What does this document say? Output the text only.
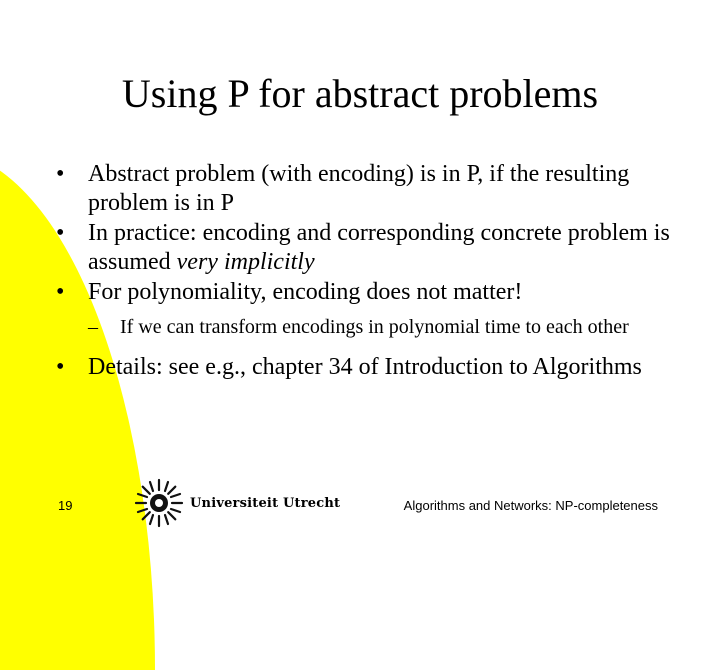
Using P for abstract problems
• Abstract problem (with encoding) is in P, if the resulting problem is in P
• In practice: encoding and corresponding concrete problem is assumed very implicitly
• For polynomiality, encoding does not matter!
– If we can transform encodings in polynomial time to each other
• Details: see e.g., chapter 34 of Introduction to Algorithms
19	Universiteit Utrecht	Algorithms and Networks: NP-completeness
